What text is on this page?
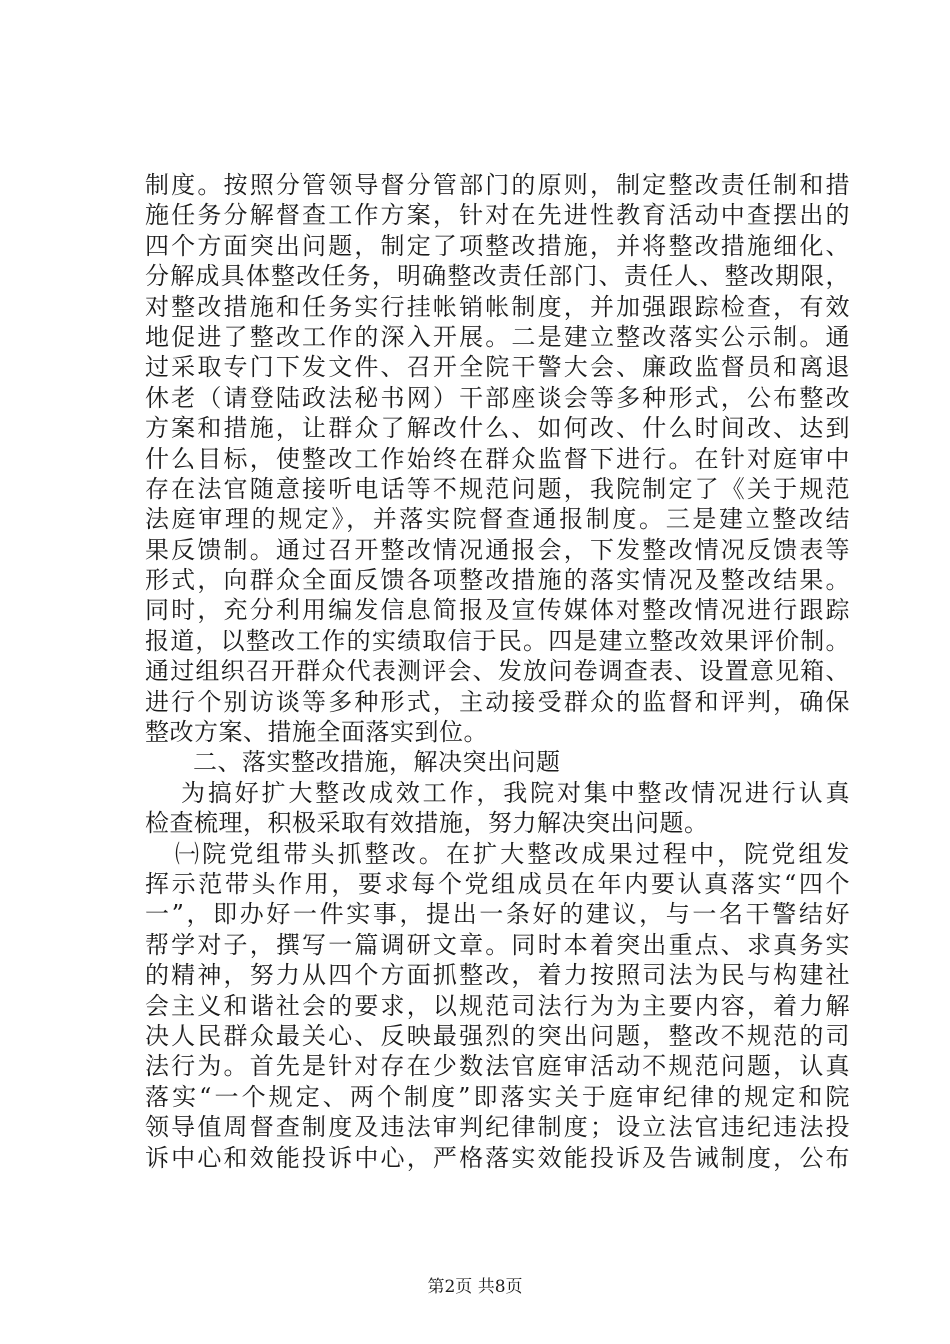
制度。按照分管领导督分管部门的原则，制定整改责任制和措
施任务分解督查工作方案，针对在先进性教育活动中查摆出的
四个方面突出问题，制定了项整改措施，并将整改措施细化、
分解成具体整改任务，明确整改责任部门、责任人、整改期限，
对整改措施和任务实行挂帐销帐制度，并加强跟踪检查，有效
地促进了整改工作的深入开展。二是建立整改落实公示制。通
过采取专门下发文件、召开全院干警大会、廉政监督员和离退
休老（请登陆政法秘书网）干部座谈会等多种形式，公布整改
方案和措施，让群众了解改什么、如何改、什么时间改、达到
什么目标，使整改工作始终在群众监督下进行。在针对庭审中
存在法官随意接听电话等不规范问题，我院制定了《关于规范
法庭审理的规定》，并落实院督查通报制度。三是建立整改结
果反馈制。通过召开整改情况通报会，下发整改情况反馈表等
形式，向群众全面反馈各项整改措施的落实情况及整改结果。
同时，充分利用编发信息简报及宣传媒体对整改情况进行跟踪
报道，以整改工作的实绩取信于民。四是建立整改效果评价制。
通过组织召开群众代表测评会、发放问卷调查表、设置意见箱、
进行个别访谈等多种形式，主动接受群众的监督和评判，确保
整改方案、措施全面落实到位。
二、落实整改措施，解决突出问题
为搞好扩大整改成效工作，我院对集中整改情况进行认真
检查梳理，积极采取有效措施，努力解决突出问题。
㈠院党组带头抓整改。在扩大整改成果过程中，院党组发
挥示范带头作用，要求每个党组成员在年内要认真落实“四个
一”，即办好一件实事，提出一条好的建议，与一名干警结好
帮学对子，撰写一篇调研文章。同时本着突出重点、求真务实
的精神，努力从四个方面抓整改，着力按照司法为民与构建社
会主义和谐社会的要求，以规范司法行为为主要内容，着力解
决人民群众最关心、反映最强烈的突出问题，整改不规范的司
法行为。首先是针对存在少数法官庭审活动不规范问题，认真
落实“一个规定、两个制度”即落实关于庭审纪律的规定和院
领导值周督查制度及违法审判纪律制度；设立法官违纪违法投
诉中心和效能投诉中心，严格落实效能投诉及告诫制度，公布
第2页 共8页
